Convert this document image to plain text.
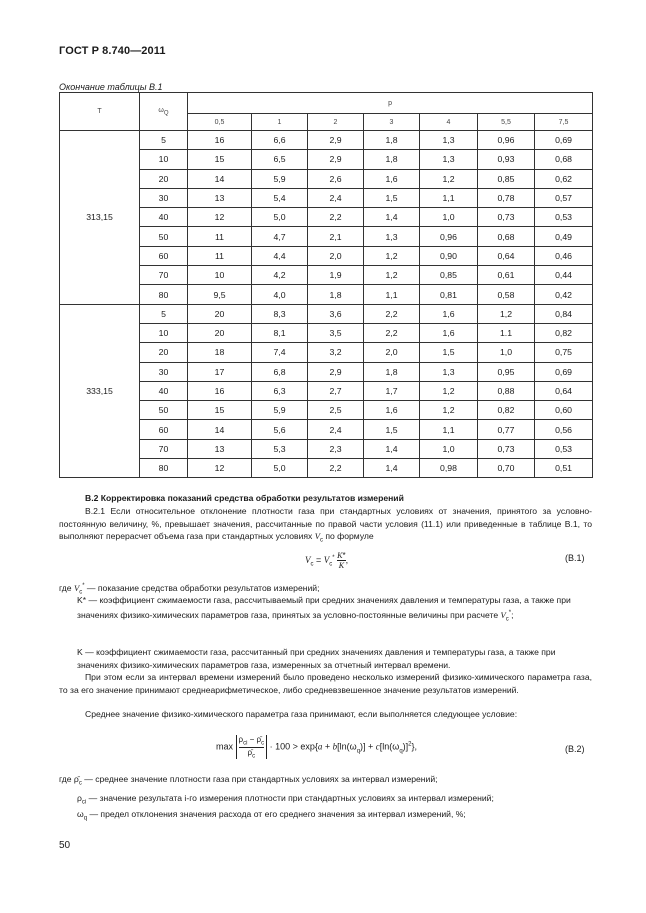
ГОСТ Р 8.740—2011
Окончание таблицы В.1
T	$\omega_Q$	p						
		0,5	1	2	3	4	5,5	7,5
313,15	5	16	6,6	2,9	1,8	1,3	0,96	0,69
	10	15	6,5	2,9	1,8	1,3	0,93	0,68
	20	14	5,9	2,6	1,6	1,2	0,85	0,62
	30	13	5,4	2,4	1,5	1,1	0,78	0,57
	40	12	5,0	2,2	1,4	1,0	0,73	0,53
	50	11	4,7	2,1	1,3	0,96	0,68	0,49
	60	11	4,4	2,0	1,2	0,90	0,64	0,46
	70	10	4,2	1,9	1,2	0,85	0,61	0,44
	80	9,5	4,0	1,8	1,1	0,81	0,58	0,42
333,15	5	20	8,3	3,6	2,2	1,6	1,2	0,84
	10	20	8,1	3,5	2,2	1,6	1.1	0,82
	20	18	7,4	3,2	2,0	1,5	1,0	0,75
	30	17	6,8	2,9	1,8	1,3	0,95	0,69
	40	16	6,3	2,7	1,7	1,2	0,88	0,64
	50	15	5,9	2,5	1,6	1,2	0,82	0,60
	60	14	5,6	2,4	1,5	1,1	0,77	0,56
	70	13	5,3	2,3	1,4	1,0	0,73	0,53
	80	12	5,0	2,2	1,4	0,98	0,70	0,51
В.2 Корректировка показаний средства обработки результатов измерений
В.2.1 Если относительное отклонение плотности газа при стандартных условиях от значения, принятого за условно-постоянную величину, %, превышает значения, рассчитанные по правой части условия (11.1) или приведенные в таблице В.1, то выполняют перерасчет объема газа при стандартных условиях $V_c$ по формуле
$V_c = V_c^* \frac{K*}{K}$ ,	(В.1)
где $V_c^*$ — показание средства обработки результатов измерений;
K* — коэффициент сжимаемости газа, рассчитываемый при средних значениях давления и температуры газа, а также при значениях физико-химических параметров газа, принятых за условно-постоянные величины при расчете $V_c^*$;
K — коэффициент сжимаемости газа, рассчитанный при средних значениях давления и температуры газа, а также при значениях физико-химических параметров газа, измеренных за отчетный интервал времени.
При этом если за интервал времени измерений было проведено несколько измерений физико-химического параметра газа, то за его значение принимают среднеарифметическое, либо средневзвешенное значение результатов измерений.
Среднее значение физико-химического параметра газа принимают, если выполняется следующее условие:
max
$\rho_{ci}$ − $\rhō_c$
$\rhō_c$
· $100 > \exp\{a + b[\ln(\omega_q)] + c[\ln(\omega_q)]^2\}$,	(В.2)
где $\rhō_c$ — среднее значение плотности газа при стандартных условиях за интервал измерений;
$\rho_{ci}$ — значение результата i-го измерения плотности при стандартных условиях за интервал измерений;
$\omega_q$ — предел отклонения значения расхода от его среднего значения за интервал измерений, %;
50
